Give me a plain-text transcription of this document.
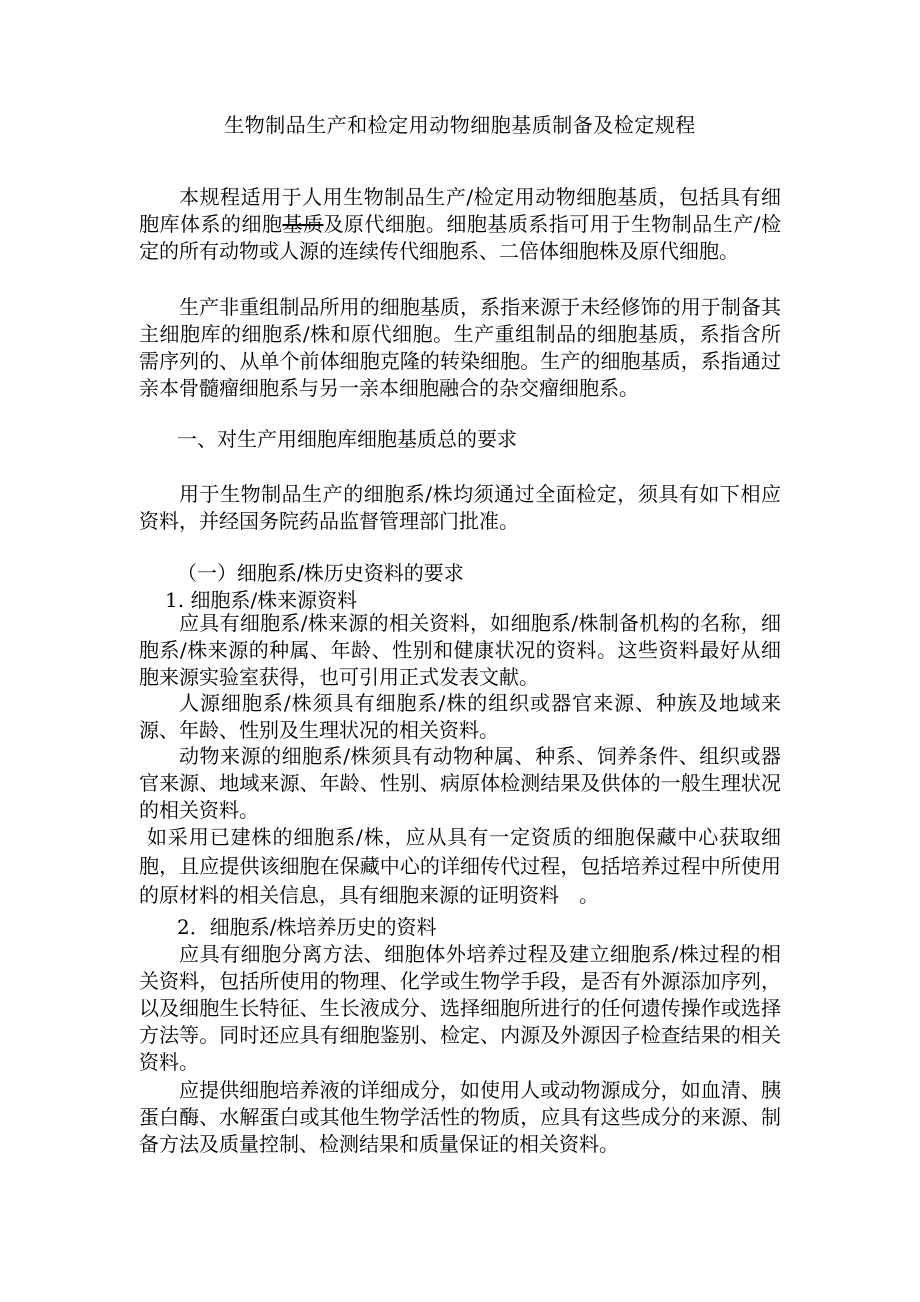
生物制品生产和检定用动物细胞基质制备及检定规程

本规程适用于人用生物制品生产/检定用动物细胞基质，包括具有细胞库体系的细胞基质及原代细胞。细胞基质系指可用于生物制品生产/检定的所有动物或人源的连续传代细胞系、二倍体细胞株及原代细胞。

生产非重组制品所用的细胞基质，系指来源于未经修饰的用于制备其主细胞库的细胞系/株和原代细胞。生产重组制品的细胞基质，系指含所需序列的、从单个前体细胞克隆的转染细胞。生产的细胞基质，系指通过亲本骨髓瘤细胞系与另一亲本细胞融合的杂交瘤细胞系。

一、对生产用细胞库细胞基质总的要求

用于生物制品生产的细胞系/株均须通过全面检定，须具有如下相应资料，并经国务院药品监督管理部门批准。

（一）细胞系/株历史资料的要求
1. 细胞系/株来源资料

应具有细胞系/株来源的相关资料，如细胞系/株制备机构的名称，细胞系/株来源的种属、年龄、性别和健康状况的资料。这些资料最好从细胞来源实验室获得，也可引用正式发表文献。

人源细胞系/株须具有细胞系/株的组织或器官来源、种族及地域来源、年龄、性别及生理状况的相关资料。

动物来源的细胞系/株须具有动物种属、种系、饲养条件、组织或器官来源、地域来源、年龄、性别、病原体检测结果及供体的一般生理状况的相关资料。

如采用已建株的细胞系/株，应从具有一定资质的细胞保藏中心获取细胞，且应提供该细胞在保藏中心的详细传代过程，包括培养过程中所使用的原材料的相关信息，具有细胞来源的证明资料　。

2．细胞系/株培养历史的资料

应具有细胞分离方法、细胞体外培养过程及建立细胞系/株过程的相关资料，包括所使用的物理、化学或生物学手段，是否有外源添加序列，以及细胞生长特征、生长液成分、选择细胞所进行的任何遗传操作或选择方法等。同时还应具有细胞鉴别、检定、内源及外源因子检查结果的相关资料。

应提供细胞培养液的详细成分，如使用人或动物源成分，如血清、胰蛋白酶、水解蛋白或其他生物学活性的物质，应具有这些成分的来源、制备方法及质量控制、检测结果和质量保证的相关资料。
